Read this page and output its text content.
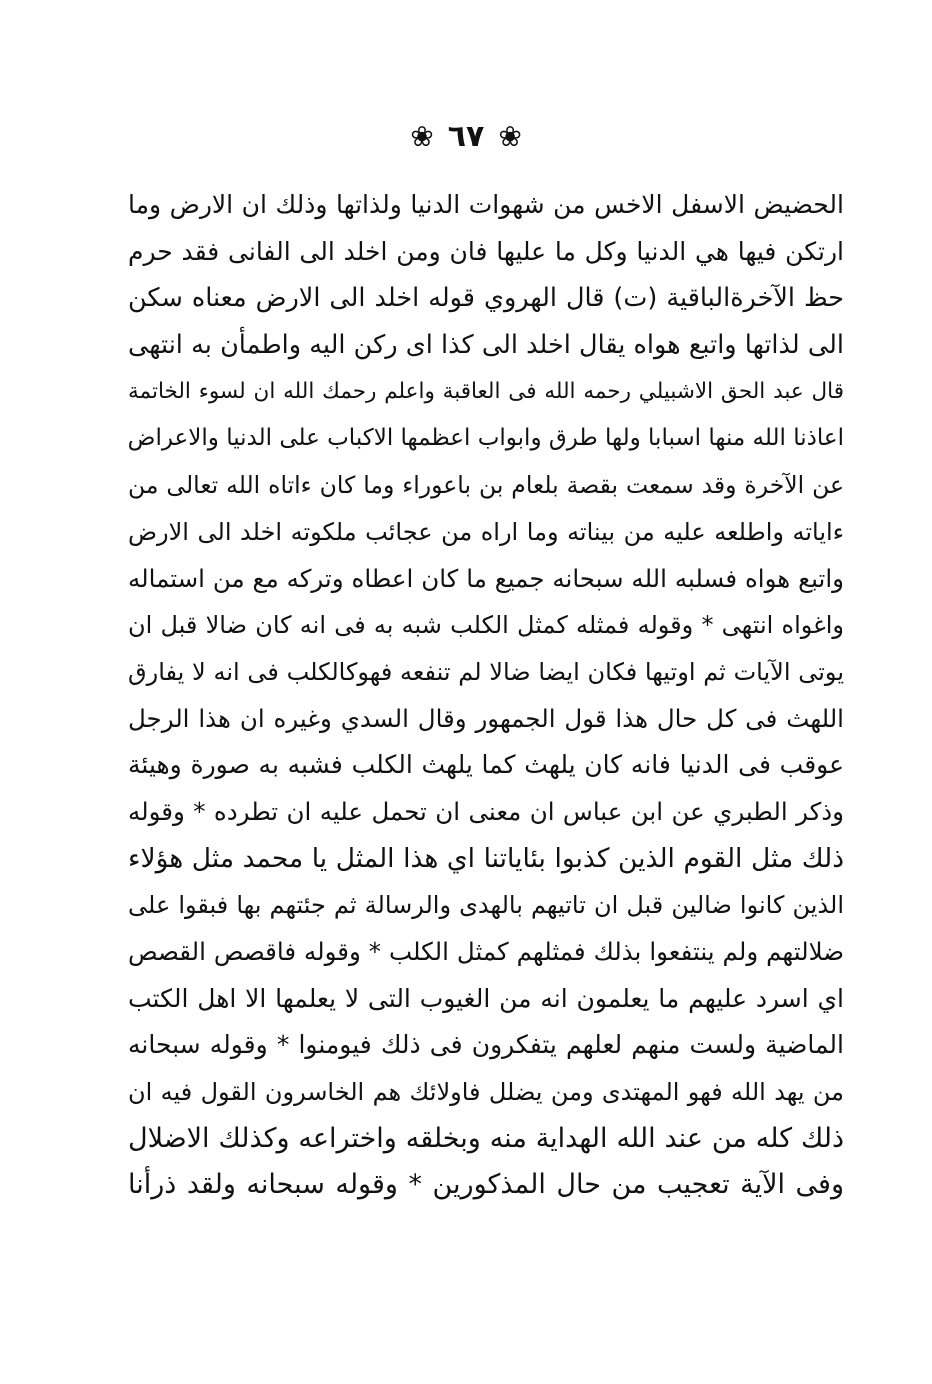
❀
٦٧
❀
الحضيض الاسفل الاخس من شهوات الدنيا ولذاتها وذلك ان الارض وما
ارتكن فيها هي الدنيا وكل ما عليها فان ومن اخلد الى الفانى فقد حرم
حظ الآخرةالباقية (ت) قال الهروي قوله اخلد الى الارض معناه سكن
الى لذاتها واتبع هواه يقال اخلد الى كذا اى ركن اليه واطمأن به انتهى
قال عبد الحق الاشبيلي رحمه الله فى العاقبة واعلم رحمك الله ان لسوء الخاتمة
اعاذنا الله منها اسبابا ولها طرق وابواب اعظمها الاكباب على الدنيا والاعراض
عن الآخرة وقد سمعت بقصة بلعام بن باعوراء وما كان ءاتاه الله تعالى من
ءاياته واطلعه عليه من بيناته وما اراه من عجائب ملكوته اخلد الى الارض
واتبع هواه فسلبه الله سبحانه جميع ما كان اعطاه وتركه مع من استماله
واغواه انتهى * وقوله فمثله كمثل الكلب شبه به فى انه كان ضالا قبل ان
يوتى الآيات ثم اوتيها فكان ايضا ضالا لم تنفعه فهوكالكلب فى انه لا يفارق
اللهث فى كل حال هذا قول الجمهور وقال السدي وغيره ان هذا الرجل
عوقب فى الدنيا فانه كان يلهث كما يلهث الكلب فشبه به صورة وهيئة
وذكر الطبري عن ابن عباس ان معنى ان تحمل عليه ان تطرده * وقوله
ذلك مثل القوم الذين كذبوا بئاياتنا اي هذا المثل يا محمد مثل هؤلاء
الذين كانوا ضالين قبل ان تاتيهم بالهدى والرسالة ثم جئتهم بها فبقوا على
ضلالتهم ولم ينتفعوا بذلك فمثلهم كمثل الكلب * وقوله فاقصص القصص
اي اسرد عليهم ما يعلمون انه من الغيوب التى لا يعلمها الا اهل الكتب
الماضية ولست منهم لعلهم يتفكرون فى ذلك فيومنوا * وقوله سبحانه
من يهد الله فهو المهتدى ومن يضلل فاولائك هم الخاسرون القول فيه ان
ذلك كله من عند الله الهداية منه وبخلقه واختراعه وكذلك الاضلال
وفى الآية تعجيب من حال المذكورين * وقوله سبحانه ولقد ذرأنا
